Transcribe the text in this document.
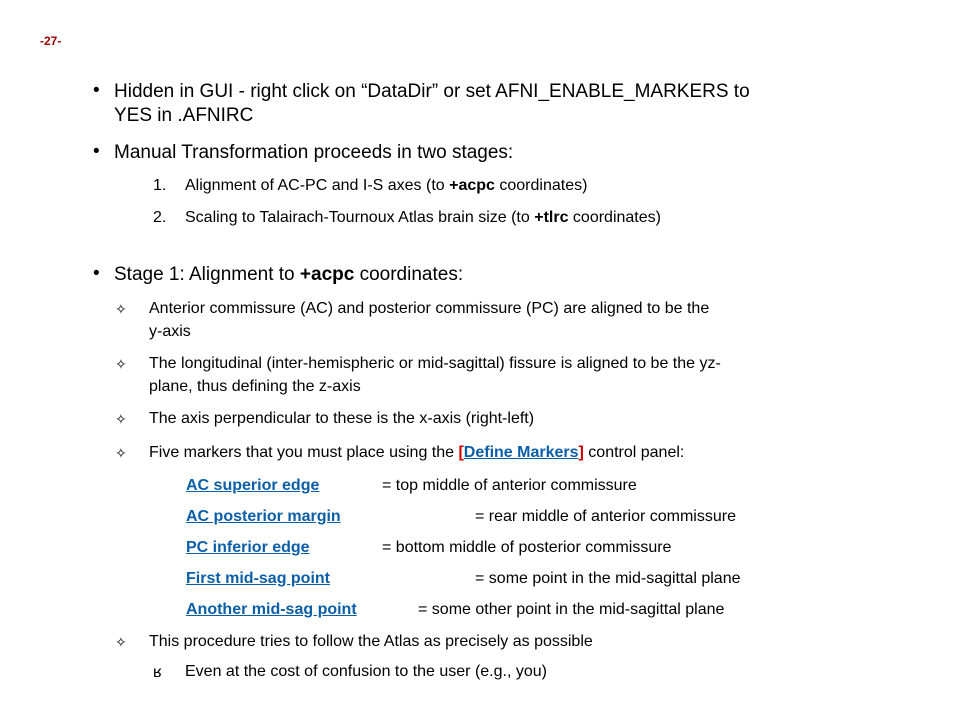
-27-
• Hidden in GUI - right click on “DataDir” or set AFNI_ENABLE_MARKERS to
YES in .AFNIRC
• Manual Transformation proceeds in two stages:
1. Alignment of AC-PC and I-S axes (to +acpc coordinates)
2. Scaling to Talairach-Tournoux Atlas brain size (to +tlrc coordinates)
• Stage 1: Alignment to +acpc coordinates:
✧ Anterior commissure (AC) and posterior commissure (PC) are aligned to be the
y-axis
✧ The longitudinal (inter-hemispheric or mid-sagittal) fissure is aligned to be the yz-
plane, thus defining the z-axis
✧ The axis perpendicular to these is the x-axis (right-left)
✧ Five markers that you must place using the [Define Markers] control panel:
AC superior edge	= top middle of anterior commissure
AC posterior margin	= rear middle of anterior commissure
PC inferior edge	= bottom middle of posterior commissure
First mid-sag point	= some point in the mid-sagittal plane
Another mid-sag point	= some other point in the mid-sagittal plane
✧ This procedure tries to follow the Atlas as precisely as possible
ʁ Even at the cost of confusion to the user (e.g., you)
